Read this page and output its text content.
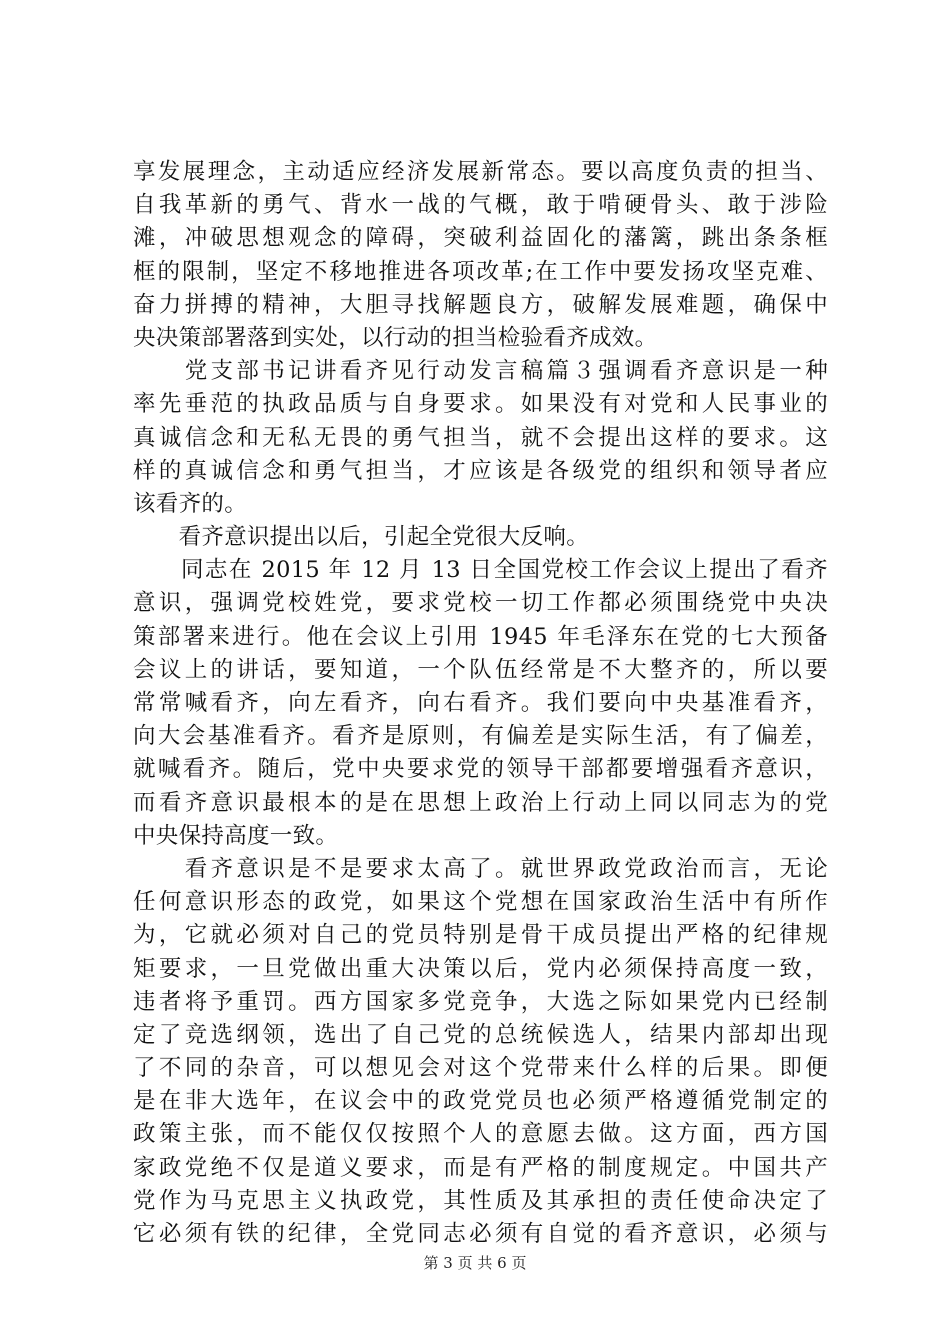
享发展理念，主动适应经济发展新常态。要以高度负责的担当、
自我革新的勇气、背水一战的气概，敢于啃硬骨头、敢于涉险
滩，冲破思想观念的障碍，突破利益固化的藩篱，跳出条条框
框的限制，坚定不移地推进各项改革;在工作中要发扬攻坚克难、
奋力拼搏的精神，大胆寻找解题良方，破解发展难题，确保中
央决策部署落到实处，以行动的担当检验看齐成效。
　　党支部书记讲看齐见行动发言稿篇３强调看齐意识是一种
率先垂范的执政品质与自身要求。如果没有对党和人民事业的
真诚信念和无私无畏的勇气担当，就不会提出这样的要求。这
样的真诚信念和勇气担当，才应该是各级党的组织和领导者应
该看齐的。
　　看齐意识提出以后，引起全党很大反响。
　　同志在 2015 年 12 月 13 日全国党校工作会议上提出了看齐
意识，强调党校姓党，要求党校一切工作都必须围绕党中央决
策部署来进行。他在会议上引用 1945 年毛泽东在党的七大预备
会议上的讲话，要知道，一个队伍经常是不大整齐的，所以要
常常喊看齐，向左看齐，向右看齐。我们要向中央基准看齐，
向大会基准看齐。看齐是原则，有偏差是实际生活，有了偏差，
就喊看齐。随后，党中央要求党的领导干部都要增强看齐意识，
而看齐意识最根本的是在思想上政治上行动上同以同志为的党
中央保持高度一致。
　　看齐意识是不是要求太高了。就世界政党政治而言，无论
任何意识形态的政党，如果这个党想在国家政治生活中有所作
为，它就必须对自己的党员特别是骨干成员提出严格的纪律规
矩要求，一旦党做出重大决策以后，党内必须保持高度一致，
违者将予重罚。西方国家多党竞争，大选之际如果党内已经制
定了竞选纲领，选出了自己党的总统候选人，结果内部却出现
了不同的杂音，可以想见会对这个党带来什么样的后果。即便
是在非大选年，在议会中的政党党员也必须严格遵循党制定的
政策主张，而不能仅仅按照个人的意愿去做。这方面，西方国
家政党绝不仅是道义要求，而是有严格的制度规定。中国共产
党作为马克思主义执政党，其性质及其承担的责任使命决定了
它必须有铁的纪律，全党同志必须有自觉的看齐意识，必须与
第 3 页 共 6 页
